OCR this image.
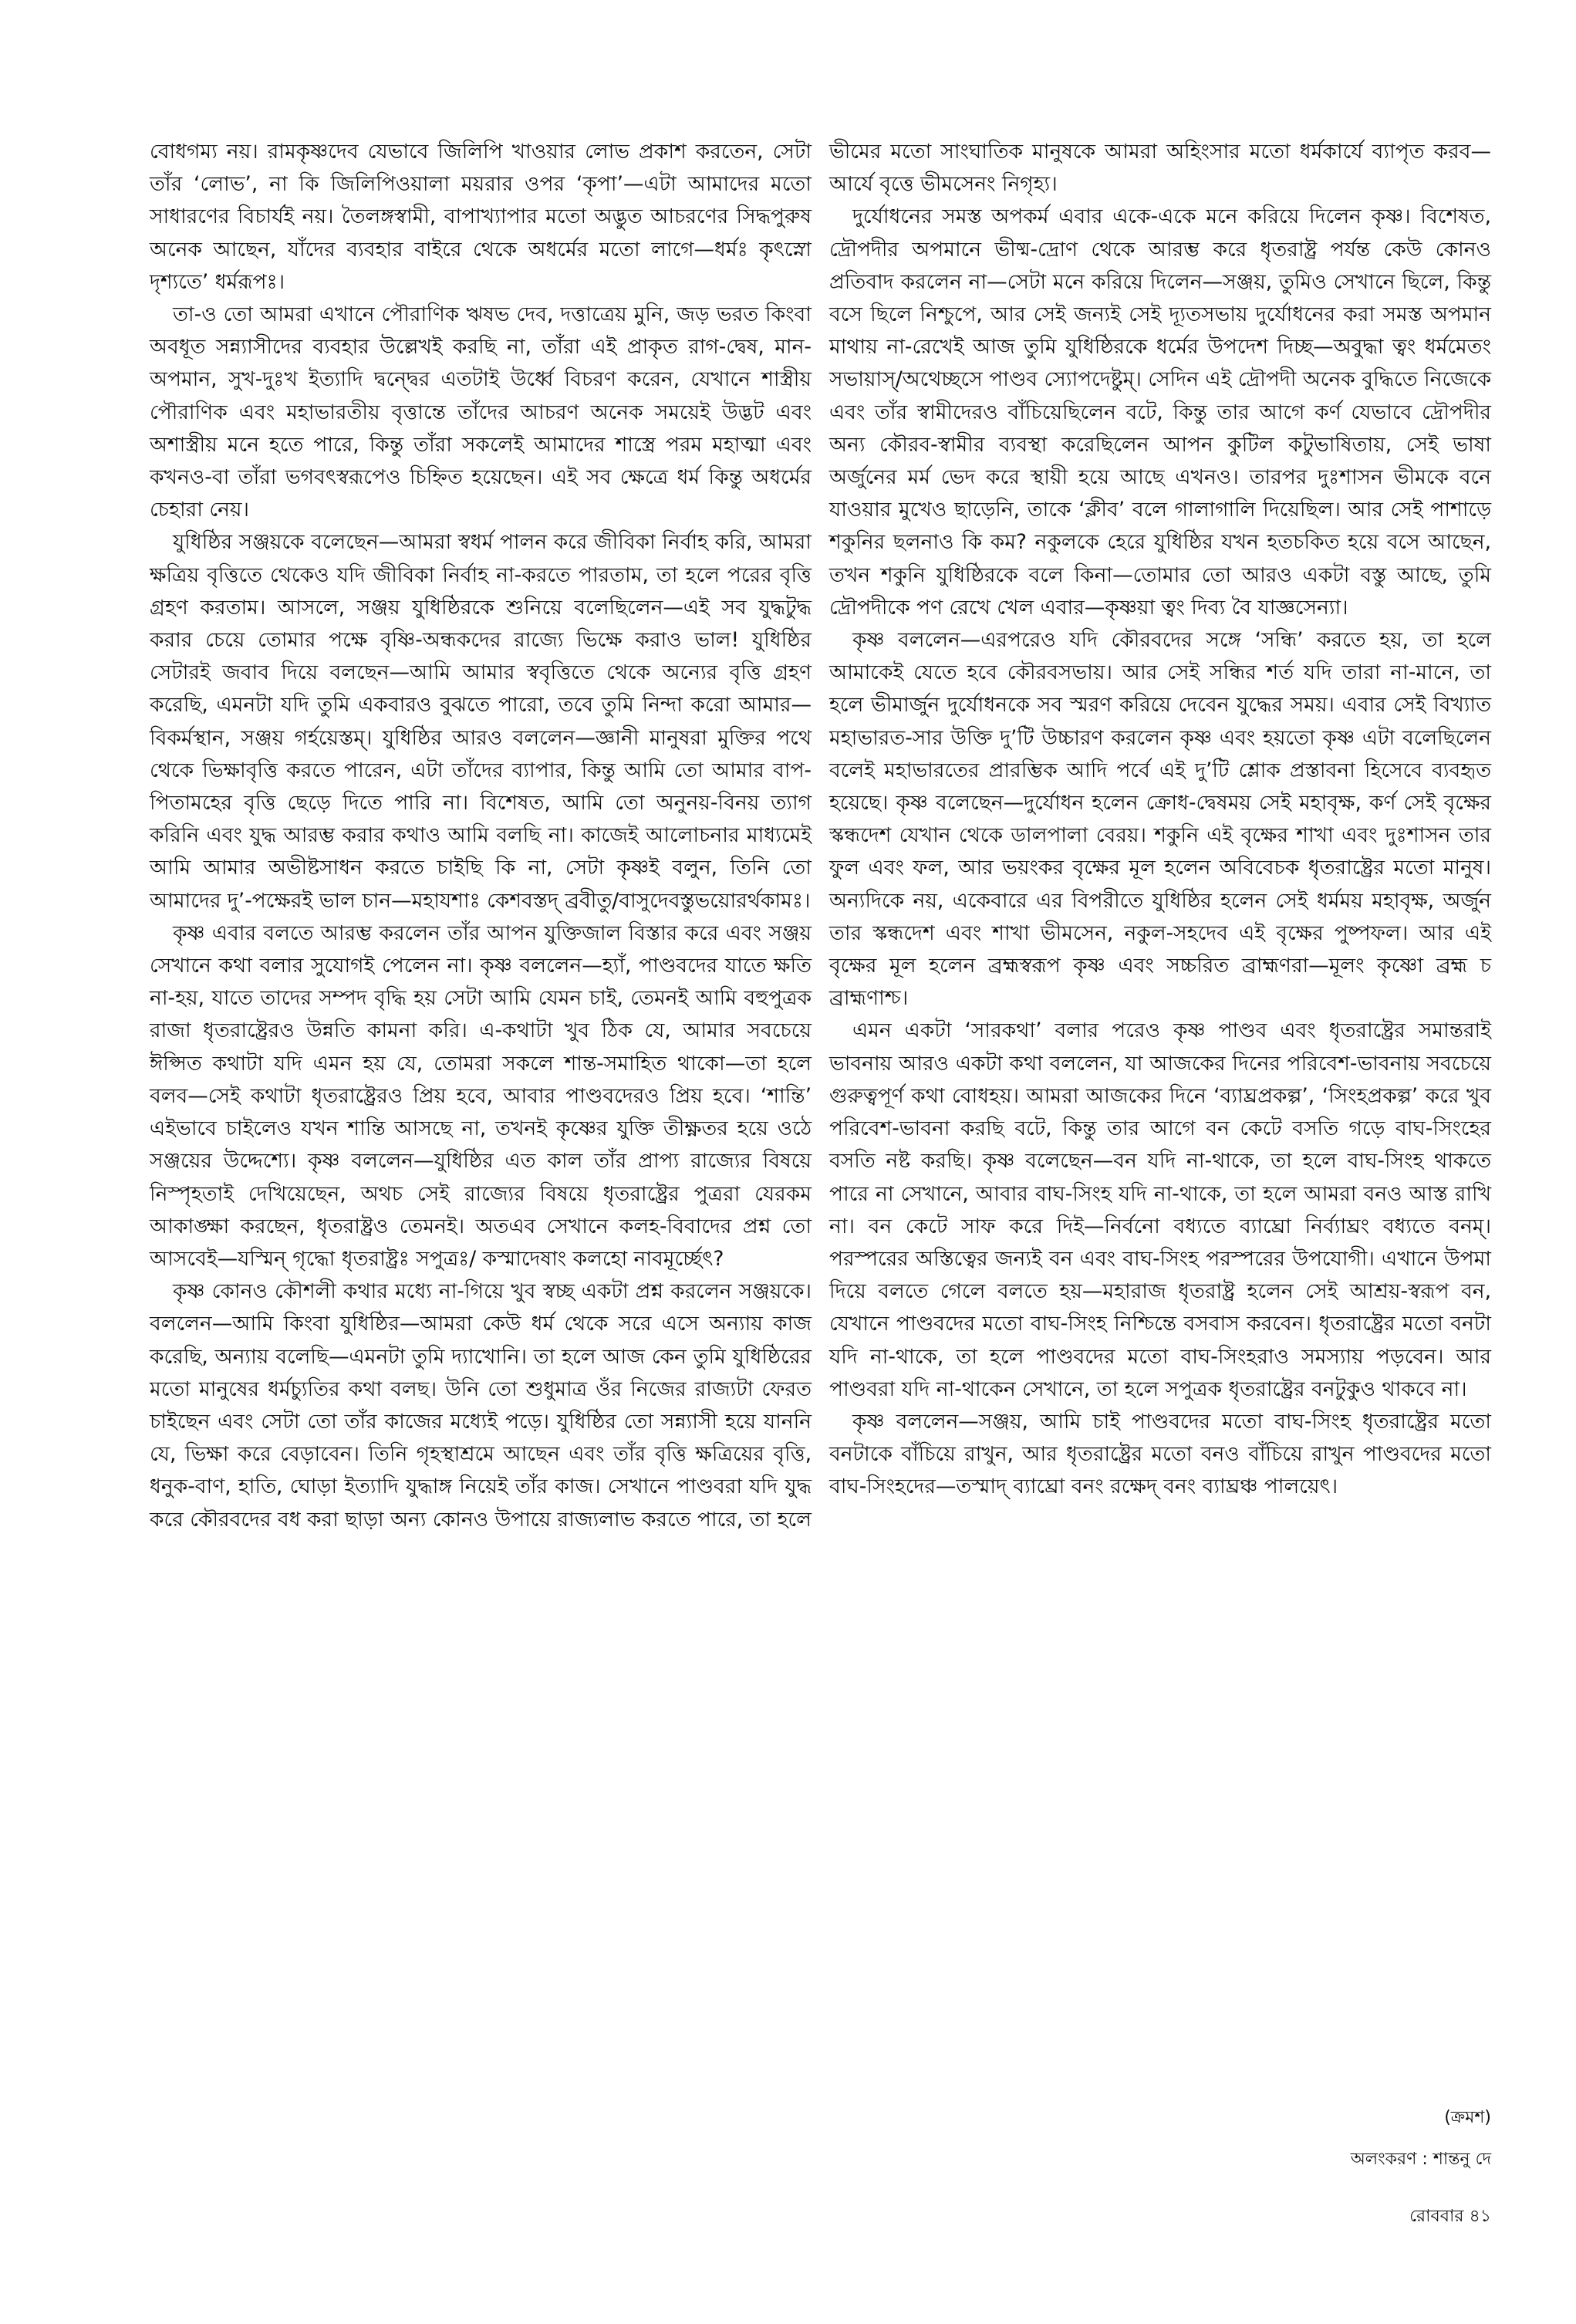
বোধগম্য নয়। রামকৃষ্ণদেব যেভাবে জিলিপি খাওয়ার লোভ প্রকাশ করতেন, সেটা তাঁর ‘লোভ’, না কি জিলিপিওয়ালা ময়রার ওপর ‘কৃপা’—এটা আমাদের মতো সাধারণের বিচার্যই নয়। তৈলঙ্গস্বামী, বাপাখ্যাপার মতো অদ্ভুত আচরণের সিদ্ধপুরুষ অনেক আছেন, যাঁদের ব্যবহার বাইরে থেকে অধর্মের মতো লাগে—ধর্মঃ কৃৎস্নো দৃশ্যতে’ ধর্মরূপঃ।

তা-ও তো আমরা এখানে পৌরাণিক ঋষভ দেব, দত্তাত্রেয় মুনি, জড় ভরত কিংবা অবধূত সন্ন্যাসীদের ব্যবহার উল্লেখই করছি না, তাঁরা এই প্রাকৃত রাগ-দ্বেষ, মান-অপমান, সুখ-দুঃখ ইত্যাদি দ্বন্দ্বের এতটাই উর্ধ্বে বিচরণ করেন, যেখানে শাস্ত্রীয় পৌরাণিক এবং মহাভারতীয় বৃত্তান্তে তাঁদের আচরণ অনেক সময়েই উদ্ভট এবং অশাস্ত্রীয় মনে হতে পারে, কিন্তু তাঁরা সকলেই আমাদের শাস্ত্রে পরম মহাত্মা এবং কখনও-বা তাঁরা ভগবৎস্বরূপেও চিহ্নিত হয়েছেন। এই সব ক্ষেত্রে ধর্ম কিন্তু অধর্মের চেহারা নেয়।

যুধিষ্ঠির সঞ্জয়কে বলেছেন—আমরা স্বধর্ম পালন করে জীবিকা নির্বাহ করি, আমরা ক্ষত্রিয় বৃত্তিতে থেকেও যদি জীবিকা নির্বাহ না-করতে পারতাম, তা হলে পরের বৃত্তি গ্রহণ করতাম। আসলে, সঞ্জয় যুধিষ্ঠিরকে শুনিয়ে বলেছিলেন—এই সব যুদ্ধটুদ্ধ করার চেয়ে তোমার পক্ষে বৃষ্ণি-অন্ধকদের রাজ্যে ভিক্ষে করাও ভাল! যুধিষ্ঠির সেটারই জবাব দিয়ে বলছেন—আমি আমার স্ববৃত্তিতে থেকে অন্যের বৃত্তি গ্রহণ করেছি, এমনটা যদি তুমি একবারও বুঝতে পারো, তবে তুমি নিন্দা করো আমার—বিকর্মস্থান, সঞ্জয় গর্হয়েস্তম্। যুধিষ্ঠির আরও বললেন—জ্ঞানী মানুষরা মুক্তির পথে থেকে ভিক্ষাবৃত্তি করতে পারেন, এটা তাঁদের ব্যাপার, কিন্তু আমি তো আমার বাপ-পিতামহের বৃত্তি ছেড়ে দিতে পারি না। বিশেষত, আমি তো অনুনয়-বিনয় ত্যাগ করিনি এবং যুদ্ধ আরম্ভ করার কথাও আমি বলছি না। কাজেই আলোচনার মাধ্যমেই আমি আমার অভীষ্টসাধন করতে চাইছি কি না, সেটা কৃষ্ণই বলুন, তিনি তো আমাদের দু’-পক্ষেরই ভাল চান—মহাযশাঃ কেশবস্তদ্ ব্রবীতু/বাসুদেবস্তুভয়োরর্থকামঃ।

কৃষ্ণ এবার বলতে আরম্ভ করলেন তাঁর আপন যুক্তিজাল বিস্তার করে এবং সঞ্জয় সেখানে কথা বলার সুযোগই পেলেন না। কৃষ্ণ বললেন—হ্যাঁ, পাণ্ডবদের যাতে ক্ষতি না-হয়, যাতে তাদের সম্পদ বৃদ্ধি হয় সেটা আমি যেমন চাই, তেমনই আমি বহুপুত্রক রাজা ধৃতরাষ্ট্রেরও উন্নতি কামনা করি। এ-কথাটা খুব ঠিক যে, আমার সবচেয়ে ঈপ্সিত কথাটা যদি এমন হয় যে, তোমরা সকলে শান্ত-সমাহিত থাকো—তা হলে বলব—সেই কথাটা ধৃতরাষ্ট্রেরও প্রিয় হবে, আবার পাণ্ডবদেরও প্রিয় হবে। ‘শান্তি’ এইভাবে চাইলেও যখন শান্তি আসছে না, তখনই কৃষ্ণের যুক্তি তীক্ষ্ণতর হয়ে ওঠে সঞ্জয়ের উদ্দেশ্যে। কৃষ্ণ বললেন—যুধিষ্ঠির এত কাল তাঁর প্রাপ্য রাজ্যের বিষয়ে নিস্পৃহতাই দেখিয়েছেন, অথচ সেই রাজ্যের বিষয়ে ধৃতরাষ্ট্রের পুত্ররা যেরকম আকাঙ্ক্ষা করছেন, ধৃতরাষ্ট্রও তেমনই। অতএব সেখানে কলহ-বিবাদের প্রশ্ন তো আসবেই—যস্মিন্ গৃদ্ধো ধৃতরাষ্ট্রঃ সপুত্রঃ/ কস্মাদেষাং কলহো নাবমূর্চ্ছেৎ?

কৃষ্ণ কোনও কৌশলী কথার মধ্যে না-গিয়ে খুব স্বচ্ছ একটা প্রশ্ন করলেন সঞ্জয়কে। বললেন—আমি কিংবা যুধিষ্ঠির—আমরা কেউ ধর্ম থেকে সরে এসে অন্যায় কাজ করেছি, অন্যায় বলেছি—এমনটা তুমি দ্যাখোনি। তা হলে আজ কেন তুমি যুধিষ্ঠিরের মতো মানুষের ধর্মচ্যুতির কথা বলছ। উনি তো শুধুমাত্র ওঁর নিজের রাজ্যটা ফেরত চাইছেন এবং সেটা তো তাঁর কাজের মধ্যেই পড়ে। যুধিষ্ঠির তো সন্ন্যাসী হয়ে যাননি যে, ভিক্ষা করে বেড়াবেন। তিনি গৃহস্থাশ্রমে আছেন এবং তাঁর বৃত্তি ক্ষত্রিয়ের বৃত্তি, ধনুক-বাণ, হাতি, ঘোড়া ইত্যাদি যুদ্ধাঙ্গ নিয়েই তাঁর কাজ। সেখানে পাণ্ডবরা যদি যুদ্ধ করে কৌরবদের বধ করা ছাড়া অন্য কোনও উপায়ে রাজ্যলাভ করতে পারে, তা হলে

ভীমের মতো সাংঘাতিক মানুষকে আমরা অহিংসার মতো ধর্মকার্যে ব্যাপৃত করব—আর্যে বৃত্তে ভীমসেনং নিগৃহ্য।

দুর্যোধনের সমস্ত অপকর্ম এবার একে-একে মনে করিয়ে দিলেন কৃষ্ণ। বিশেষত, দ্রৌপদীর অপমানে ভীষ্ম-দ্রোণ থেকে আরম্ভ করে ধৃতরাষ্ট্র পর্যন্ত কেউ কোনও প্রতিবাদ করলেন না—সেটা মনে করিয়ে দিলেন—সঞ্জয়, তুমিও সেখানে ছিলে, কিন্তু বসে ছিলে নিশ্চুপে, আর সেই জন্যই সেই দ্যূতসভায় দুর্যোধনের করা সমস্ত অপমান মাথায় না-রেখেই আজ তুমি যুধিষ্ঠিরকে ধর্মের উপদেশ দিচ্ছ—অবুদ্ধা ত্বং ধর্মমেতং সভায়াস্/অথেচ্ছসে পাণ্ডব স্যোপদেষ্টুম্। সেদিন এই দ্রৌপদী অনেক বুদ্ধিতে নিজেকে এবং তাঁর স্বামীদেরও বাঁচিয়েছিলেন বটে, কিন্তু তার আগে কর্ণ যেভাবে দ্রৌপদীর অন্য কৌরব-স্বামীর ব্যবস্থা করেছিলেন আপন কুটিল কটুভাষিতায়, সেই ভাষা অর্জুনের মর্ম ভেদ করে স্থায়ী হয়ে আছে এখনও। তারপর দুঃশাসন ভীমকে বনে যাওয়ার মুখেও ছাড়েনি, তাকে ‘ক্লীব’ বলে গালাগালি দিয়েছিল। আর সেই পাশাড়ে শকুনির ছলনাও কি কম? নকুলকে হেরে যুধিষ্ঠির যখন হতচকিত হয়ে বসে আছেন, তখন শকুনি যুধিষ্ঠিরকে বলে কিনা—তোমার তো আরও একটা বস্তু আছে, তুমি দ্রৌপদীকে পণ রেখে খেল এবার—কৃষ্ণয়া ত্বং দিব্য বৈ যাজ্ঞসেন্যা।

কৃষ্ণ বললেন—এরপরেও যদি কৌরবদের সঙ্গে ‘সন্ধি’ করতে হয়, তা হলে আমাকেই যেতে হবে কৌরবসভায়। আর সেই সন্ধির শর্ত যদি তারা না-মানে, তা হলে ভীমার্জুন দুর্যোধনকে সব স্মরণ করিয়ে দেবেন যুদ্ধের সময়। এবার সেই বিখ্যাত মহাভারত-সার উক্তি দু’টি উচ্চারণ করলেন কৃষ্ণ এবং হয়তো কৃষ্ণ এটা বলেছিলেন বলেই মহাভারতের প্রারম্ভিক আদি পর্বে এই দু’টি শ্লোক প্রস্তাবনা হিসেবে ব্যবহৃত হয়েছে। কৃষ্ণ বলেছেন—দুর্যোধন হলেন ক্রোধ-দ্বেষময় সেই মহাবৃক্ষ, কর্ণ সেই বৃক্ষের স্কন্ধদেশ যেখান থেকে ডালপালা বেরয়। শকুনি এই বৃক্ষের শাখা এবং দুঃশাসন তার ফুল এবং ফল, আর ভয়ংকর বৃক্ষের মূল হলেন অবিবেচক ধৃতরাষ্ট্রের মতো মানুষ। অন্যদিকে নয়, একেবারে এর বিপরীতে যুধিষ্ঠির হলেন সেই ধর্মময় মহাবৃক্ষ, অর্জুন তার স্কন্ধদেশ এবং শাখা ভীমসেন, নকুল-সহদেব এই বৃক্ষের পুষ্পফল। আর এই বৃক্ষের মূল হলেন ব্রহ্মস্বরূপ কৃষ্ণ এবং সচ্চরিত ব্রাহ্মণরা—মূলং কৃষ্ণো ব্রহ্ম চ ব্রাহ্মণাশ্চ।

এমন একটা ‘সারকথা’ বলার পরেও কৃষ্ণ পাণ্ডব এবং ধৃতরাষ্ট্রের সমান্তরাই ভাবনায় আরও একটা কথা বললেন, যা আজকের দিনের পরিবেশ-ভাবনায় সবচেয়ে গুরুত্বপূর্ণ কথা বোধহয়। আমরা আজকের দিনে ‘ব্যাঘ্রপ্রকল্প’, ‘সিংহপ্রকল্প’ করে খুব পরিবেশ-ভাবনা করছি বটে, কিন্তু তার আগে বন কেটে বসতি গড়ে বাঘ-সিংহের বসতি নষ্ট করছি। কৃষ্ণ বলেছেন—বন যদি না-থাকে, তা হলে বাঘ-সিংহ থাকতে পারে না সেখানে, আবার বাঘ-সিংহ যদি না-থাকে, তা হলে আমরা বনও আস্ত রাখি না। বন কেটে সাফ করে দিই—নির্বনো বধ্যতে ব্যাঘ্রো নির্ব্যাঘ্রং বধ্যতে বনম্। পরস্পরের অস্তিত্বের জন্যই বন এবং বাঘ-সিংহ পরস্পরের উপযোগী। এখানে উপমা দিয়ে বলতে গেলে বলতে হয়—মহারাজ ধৃতরাষ্ট্র হলেন সেই আশ্রয়-স্বরূপ বন, যেখানে পাণ্ডবদের মতো বাঘ-সিংহ নিশ্চিন্তে বসবাস করবেন। ধৃতরাষ্ট্রের মতো বনটা যদি না-থাকে, তা হলে পাণ্ডবদের মতো বাঘ-সিংহরাও সমস্যায় পড়বেন। আর পাণ্ডবরা যদি না-থাকেন সেখানে, তা হলে সপুত্রক ধৃতরাষ্ট্রের বনটুকুও থাকবে না।

কৃষ্ণ বললেন—সঞ্জয়, আমি চাই পাণ্ডবদের মতো বাঘ-সিংহ ধৃতরাষ্ট্রের মতো বনটাকে বাঁচিয়ে রাখুন, আর ধৃতরাষ্ট্রের মতো বনও বাঁচিয়ে রাখুন পাণ্ডবদের মতো বাঘ-সিংহদের—তস্মাদ্ ব্যাঘ্রো বনং রক্ষেদ্ বনং ব্যাঘ্রঞ্চ পালয়েৎ।

(ক্রমশ)
অলংকরণ : শান্তনু দে
রোববার ৪১
